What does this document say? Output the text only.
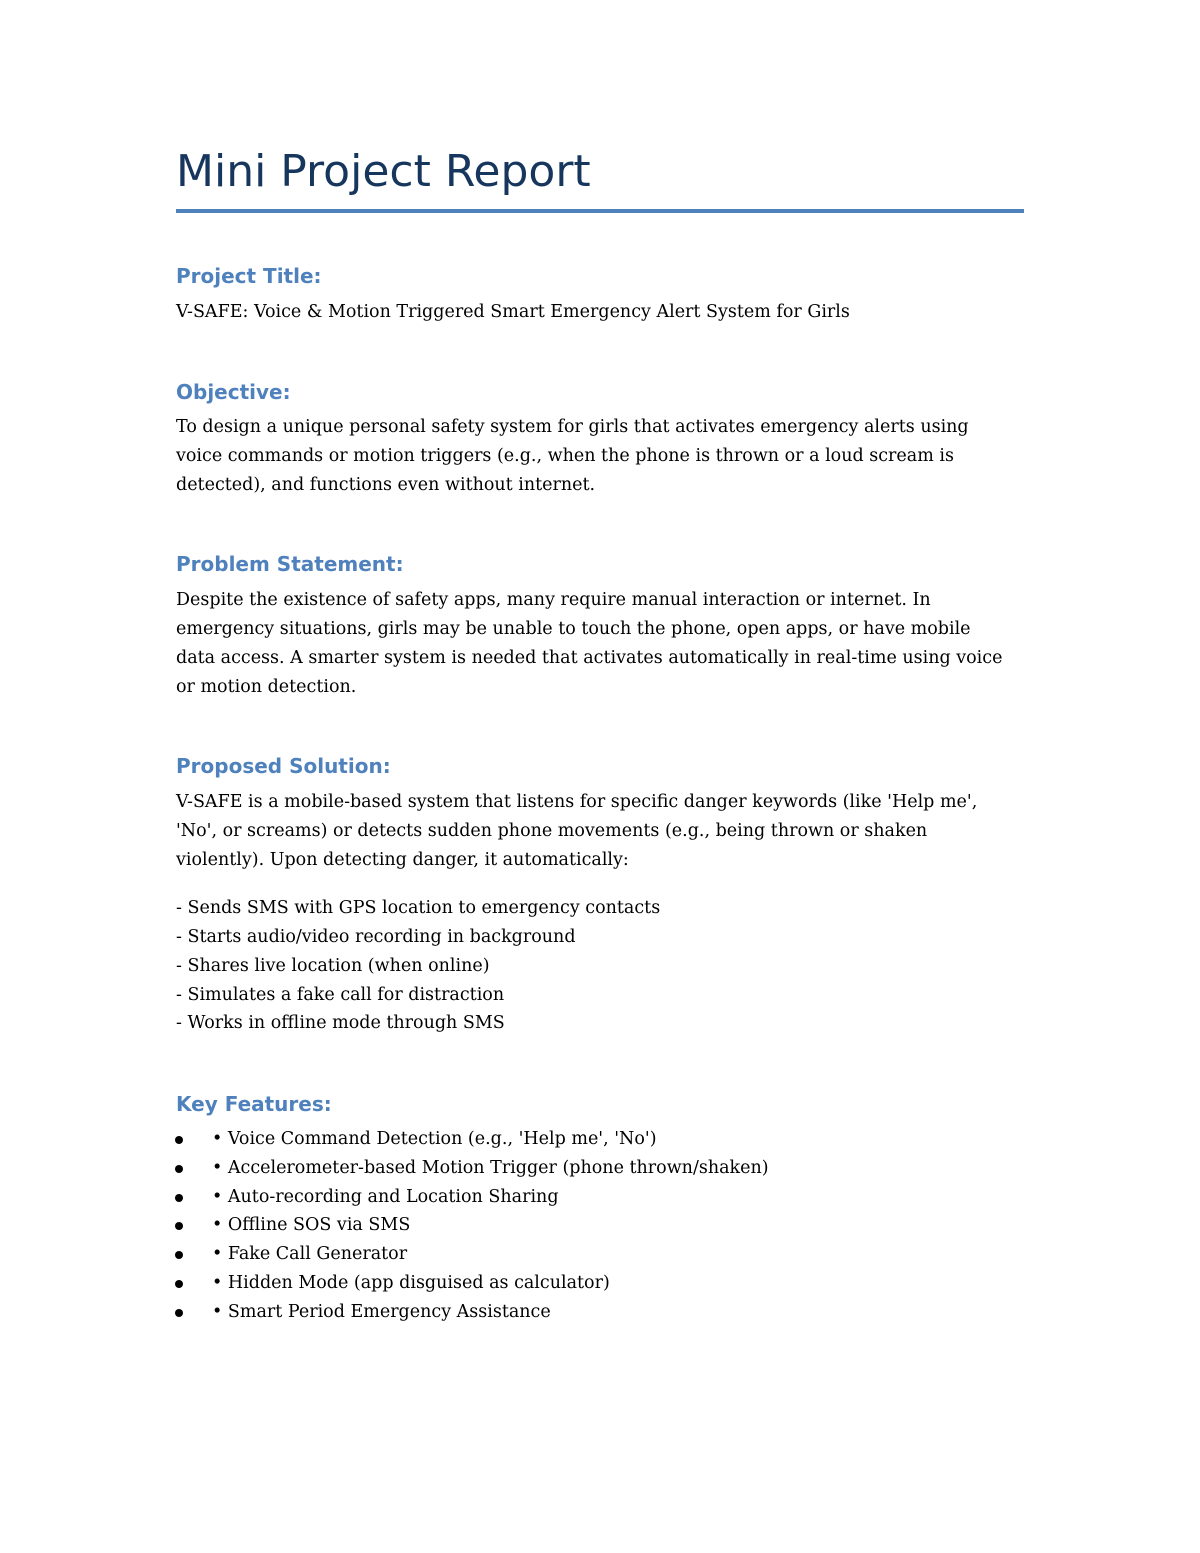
Mini Project Report
Project Title:

V-SAFE: Voice & Motion Triggered Smart Emergency Alert System for Girls

Objective:

To design a unique personal safety system for girls that activates emergency alerts using

voice commands or motion triggers (e.g., when the phone is thrown or a loud scream is

detected), and functions even without internet.

Problem Statement:

Despite the existence of safety apps, many require manual interaction or internet. In

emergency situations, girls may be unable to touch the phone, open apps, or have mobile

data access. A smarter system is needed that activates automatically in real-time using voice

or motion detection.

Proposed Solution:

V-SAFE is a mobile-based system that listens for specific danger keywords (like 'Help me',

'No', or screams) or detects sudden phone movements (e.g., being thrown or shaken

violently). Upon detecting danger, it automatically:

- Sends SMS with GPS location to emergency contacts

- Starts audio/video recording in background

- Shares live location (when online)

- Simulates a fake call for distraction

- Works in offline mode through SMS

Key Features:

• Voice Command Detection (e.g., 'Help me', 'No')

• Accelerometer-based Motion Trigger (phone thrown/shaken)

• Auto-recording and Location Sharing

• Offline SOS via SMS

• Fake Call Generator

• Hidden Mode (app disguised as calculator)

• Smart Period Emergency Assistance
